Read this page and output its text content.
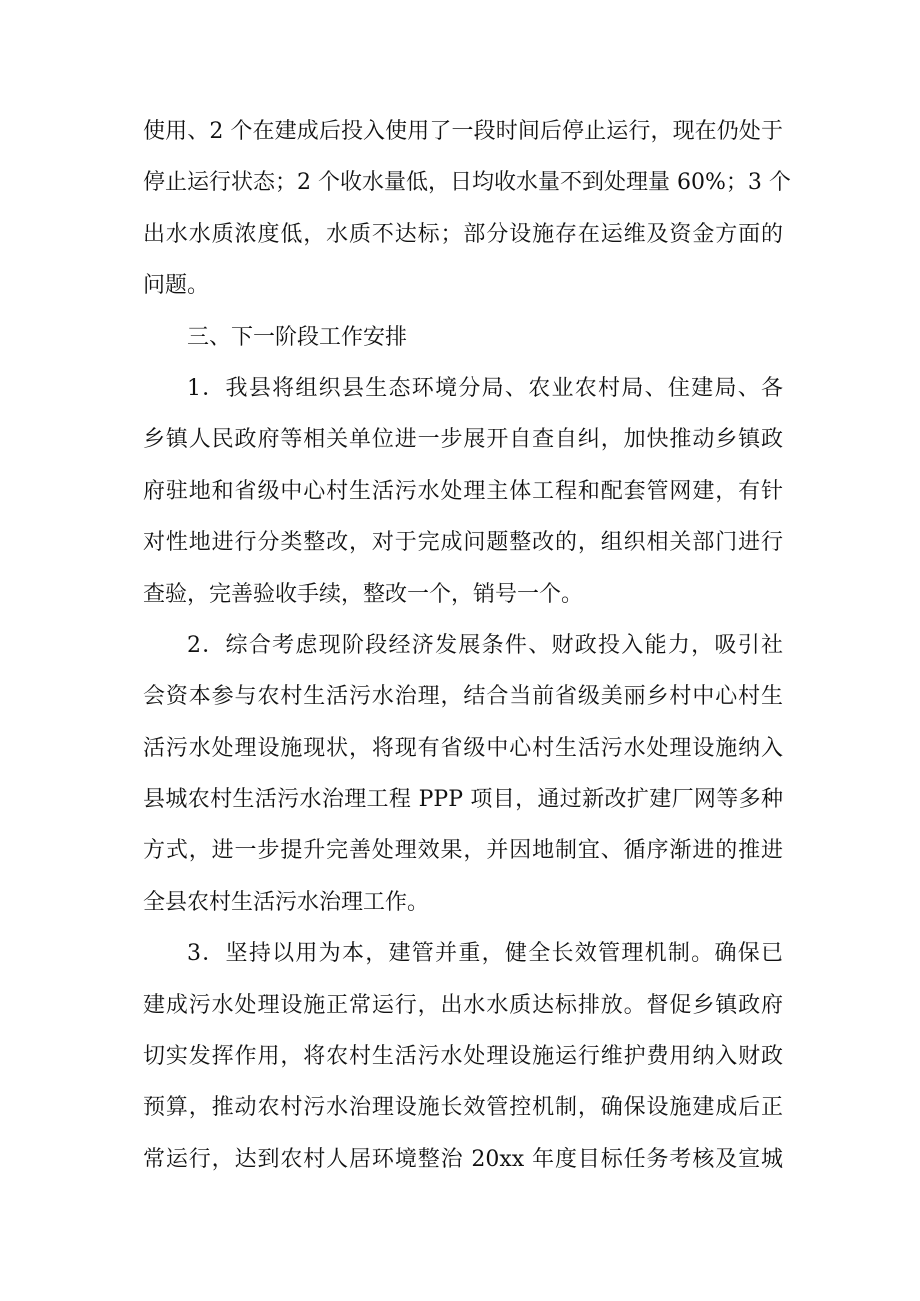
使用、2 个在建成后投入使用了一段时间后停止运行，现在仍处于
停止运行状态；2 个收水量低，日均收水量不到处理量 60%；3 个
出水水质浓度低，水质不达标；部分设施存在运维及资金方面的
问题。
三、下一阶段工作安排
1．我县将组织县生态环境分局、农业农村局、住建局、各
乡镇人民政府等相关单位进一步展开自查自纠，加快推动乡镇政
府驻地和省级中心村生活污水处理主体工程和配套管网建，有针
对性地进行分类整改，对于完成问题整改的，组织相关部门进行
查验，完善验收手续，整改一个，销号一个。
2．综合考虑现阶段经济发展条件、财政投入能力，吸引社
会资本参与农村生活污水治理，结合当前省级美丽乡村中心村生
活污水处理设施现状，将现有省级中心村生活污水处理设施纳入
县城农村生活污水治理工程 PPP 项目，通过新改扩建厂网等多种
方式，进一步提升完善处理效果，并因地制宜、循序渐进的推进
全县农村生活污水治理工作。
3．坚持以用为本，建管并重，健全长效管理机制。确保已
建成污水处理设施正常运行，出水水质达标排放。督促乡镇政府
切实发挥作用，将农村生活污水处理设施运行维护费用纳入财政
预算，推动农村污水治理设施长效管控机制，确保设施建成后正
常运行，达到农村人居环境整治 20xx 年度目标任务考核及宣城
